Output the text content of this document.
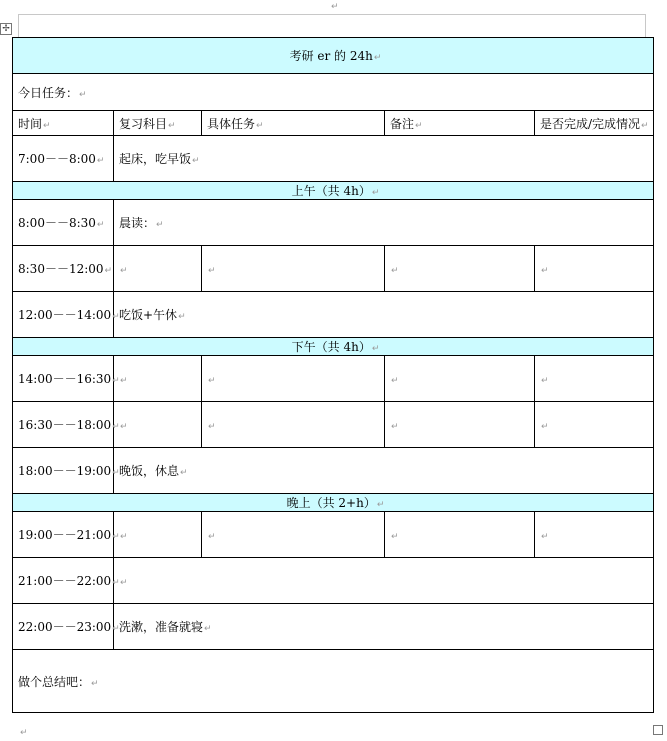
↵
✢
考研 er 的 24h↵				
今日任务：↵				
时间↵	复习科目↵	具体任务↵	备注↵	是否完成/完成情况↵
7:00－－8:00↵	起床，吃早饭↵			
上午（共 4h）↵				
8:00－－8:30↵	晨读：↵			
8:30－－12:00↵	↵	↵	↵	↵
12:00－－14:00↵	吃饭+午休↵			
下午（共 4h）↵				
14:00－－16:30↵	↵	↵	↵	↵
16:30－－18:00↵	↵	↵	↵	↵
18:00－－19:00↵	晚饭，休息↵			
晚上（共 2+h）↵				
19:00－－21:00↵	↵	↵	↵	↵
21:00－－22:00↵	↵			
22:00－－23:00↵	洗漱，准备就寝↵			
做个总结吧：↵				
↵
